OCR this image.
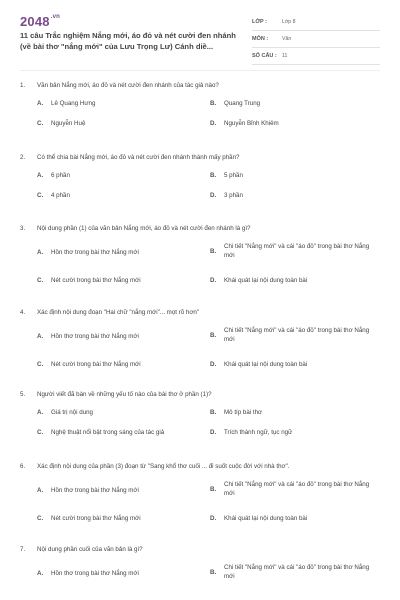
$2048^{.vn}$
11 câu Trắc nghiệm Nắng mới, áo đỏ và nét cười đen nhánh (về bài thơ "nắng mới" của Lưu Trọng Lư) Cánh diề...
LỚP :	Lớp 8
MÔN :	Văn
SỐ CÂU :	11
1.	Văn bản Nắng mới, áo đỏ và nét cười đen nhánh của tác giả nào?
A.	Lê Quang Hưng	B.	Quang Trung
C.	Nguyễn Huệ	D.	Nguyễn Bỉnh Khiêm
2.	Có thể chia bài Nắng mới, áo đỏ và nét cười đen nhánh thành mấy phần?
A.	6 phần	B.	5 phần
C.	4 phần	D.	3 phần
3.	Nội dung phần (1) của văn bản Nắng mới, áo đỏ và nét cười đen nhánh là gì?
A.	Hồn thơ trong bài thơ Nắng mới	B.
Chi tiết "Nắng mới" và cái "áo đỏ" trong bài thơ Nắng mới
C.	Nét cười trong bài thơ Nắng mới	D.	Khái quát lại nội dung toàn bài
4.	Xác định nội dung đoạn "Hai chữ "nắng mới"... mọt rõ hơn"
A.	Hồn thơ trong bài thơ Nắng mới	B.
Chi tiết "Nắng mới" và cái "áo đỏ" trong bài thơ Nắng mới
C.	Nét cười trong bài thơ Nắng mới	D.	Khái quát lại nội dung toàn bài
5.	Người viết đã bàn về những yếu tố nào của bài thơ ở phần (1)?
A.	Giá trị nội dung	B.	Mô típ bài thơ
C.	Nghệ thuật nổi bật trong sáng của tác giả	D.	Trích thành ngữ, tục ngữ
6.	Xác định nội dung của phần (3) đoạn từ "Sang khổ thơ cuối ... đi suốt cuộc đời với nhà thơ".
A.	Hồn thơ trong bài thơ Nắng mới	B.
Chi tiết "Nắng mới" và cái "áo đỏ" trong bài thơ Nắng mới
C.	Nét cười trong bài thơ Nắng mới	D.	Khái quát lại nội dung toàn bài
7.	Nội dung phần cuối của văn bản là gì?
A.	Hồn thơ trong bài thơ Nắng mới	B.
Chi tiết "Nắng mới" và cái "áo đỏ" trong bài thơ Nắng mới
